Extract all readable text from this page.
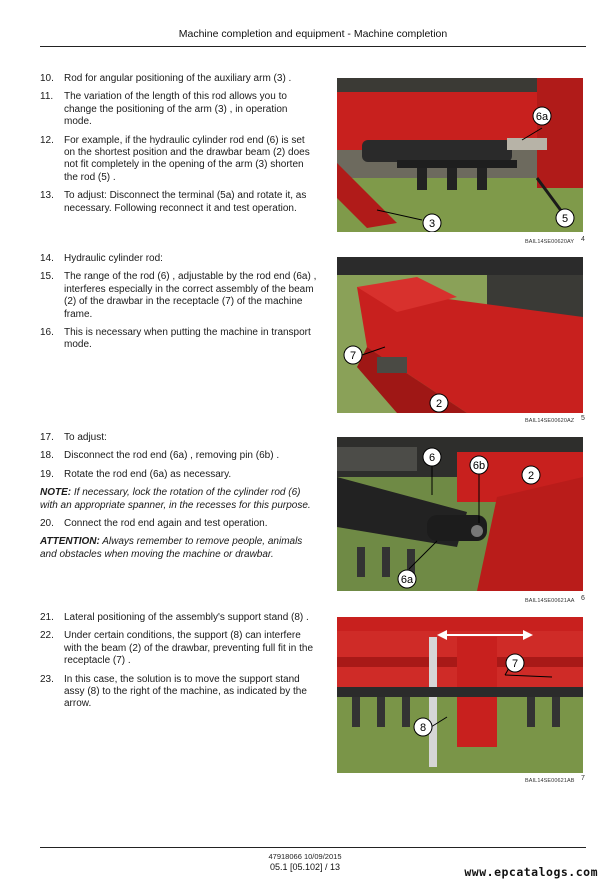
Machine completion and equipment - Machine completion
10. Rod for angular positioning of the auxiliary arm (3) .
11. The variation of the length of this rod allows you to change the positioning of the arm (3) , in operation mode.
12. For example, if the hydraulic cylinder rod end (6) is set on the shortest position and the drawbar beam (2) does not fit completely in the opening of the arm (3) shorten the rod (5) .
13. To adjust: Disconnect the terminal (5a) and rotate it, as necessary. Following reconnect it and test operation.
14. Hydraulic cylinder rod:
15. The range of the rod (6) , adjustable by the rod end (6a) , interferes especially in the correct assembly of the beam (2) of the drawbar in the receptacle (7) of the machine frame.
16. This is necessary when putting the machine in transport mode.
17. To adjust:
18. Disconnect the rod end (6a) , removing pin (6b) .
19. Rotate the rod end (6a) as necessary.
NOTE: If necessary, lock the rotation of the cylinder rod (6) with an appropriate spanner, in the recesses for this purpose.
20. Connect the rod end again and test operation.
ATTENTION: Always remember to remove people, animals and obstacles when moving the machine or drawbar.
21. Lateral positioning of the assembly's support stand (8) .
22. Under certain conditions, the support (8) can interfere with the beam (2) of the drawbar, preventing full fit in the receptacle (7) .
23. In this case, the solution is to move the support stand assy (8) to the right of the machine, as indicated by the arrow.
6a
3	5
BAIL14SE00620AY 4
7
2
BAIL14SE00620AZ 5
6
6b
2
6a
BAIL14SE00621AA 6
7
8
BAIL14SE00621AB 7
47918066 10/09/2015
05.1 [05.102] / 13	www.epcatalogs.com
